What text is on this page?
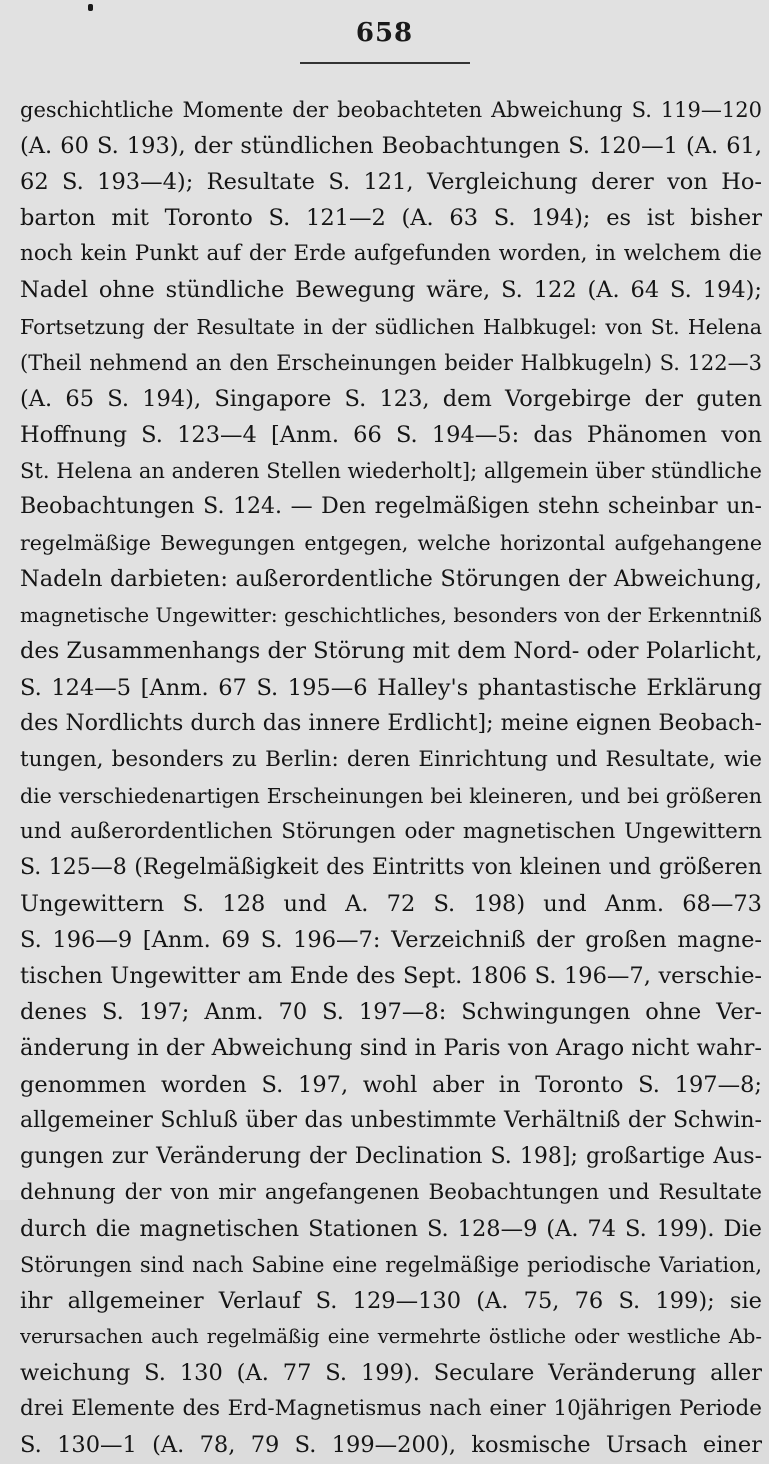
658
geschichtliche Momente der beobachteten Abweichung S. 119—120
(A. 60 S. 193), der stündlichen Beobachtungen S. 120—1 (A. 61,
62 S. 193—4); Resultate S. 121, Vergleichung derer von Ho-
barton mit Toronto S. 121—2 (A. 63 S. 194); es ist bisher
noch kein Punkt auf der Erde aufgefunden worden, in welchem die
Nadel ohne stündliche Bewegung wäre, S. 122 (A. 64 S. 194);
Fortsetzung der Resultate in der südlichen Halbkugel: von St. Helena
(Theil nehmend an den Erscheinungen beider Halbkugeln) S. 122—3
(A. 65 S. 194), Singapore S. 123, dem Vorgebirge der guten
Hoffnung S. 123—4 [Anm. 66 S. 194—5: das Phänomen von
St. Helena an anderen Stellen wiederholt]; allgemein über stündliche
Beobachtungen S. 124. — Den regelmäßigen stehn scheinbar un-
regelmäßige Bewegungen entgegen, welche horizontal aufgehangene
Nadeln darbieten: außerordentliche Störungen der Abweichung,
magnetische Ungewitter: geschichtliches, besonders von der Erkenntniß
des Zusammenhangs der Störung mit dem Nord- oder Polarlicht,
S. 124—5 [Anm. 67 S. 195—6 Halley's phantastische Erklärung
des Nordlichts durch das innere Erdlicht]; meine eignen Beobach-
tungen, besonders zu Berlin: deren Einrichtung und Resultate, wie
die verschiedenartigen Erscheinungen bei kleineren, und bei größeren
und außerordentlichen Störungen oder magnetischen Ungewittern
S. 125—8 (Regelmäßigkeit des Eintritts von kleinen und größeren
Ungewittern S. 128 und A. 72 S. 198) und Anm. 68—73
S. 196—9 [Anm. 69 S. 196—7: Verzeichniß der großen magne-
tischen Ungewitter am Ende des Sept. 1806 S. 196—7, verschie-
denes S. 197; Anm. 70 S. 197—8: Schwingungen ohne Ver-
änderung in der Abweichung sind in Paris von Arago nicht wahr-
genommen worden S. 197, wohl aber in Toronto S. 197—8;
allgemeiner Schluß über das unbestimmte Verhältniß der Schwin-
gungen zur Veränderung der Declination S. 198]; großartige Aus-
dehnung der von mir angefangenen Beobachtungen und Resultate
durch die magnetischen Stationen S. 128—9 (A. 74 S. 199). Die
Störungen sind nach Sabine eine regelmäßige periodische Variation,
ihr allgemeiner Verlauf S. 129—130 (A. 75, 76 S. 199); sie
verursachen auch regelmäßig eine vermehrte östliche oder westliche Ab-
weichung S. 130 (A. 77 S. 199). Seculare Veränderung aller
drei Elemente des Erd-Magnetismus nach einer 10jährigen Periode
S. 130—1 (A. 78, 79 S. 199—200), kosmische Ursach einer
